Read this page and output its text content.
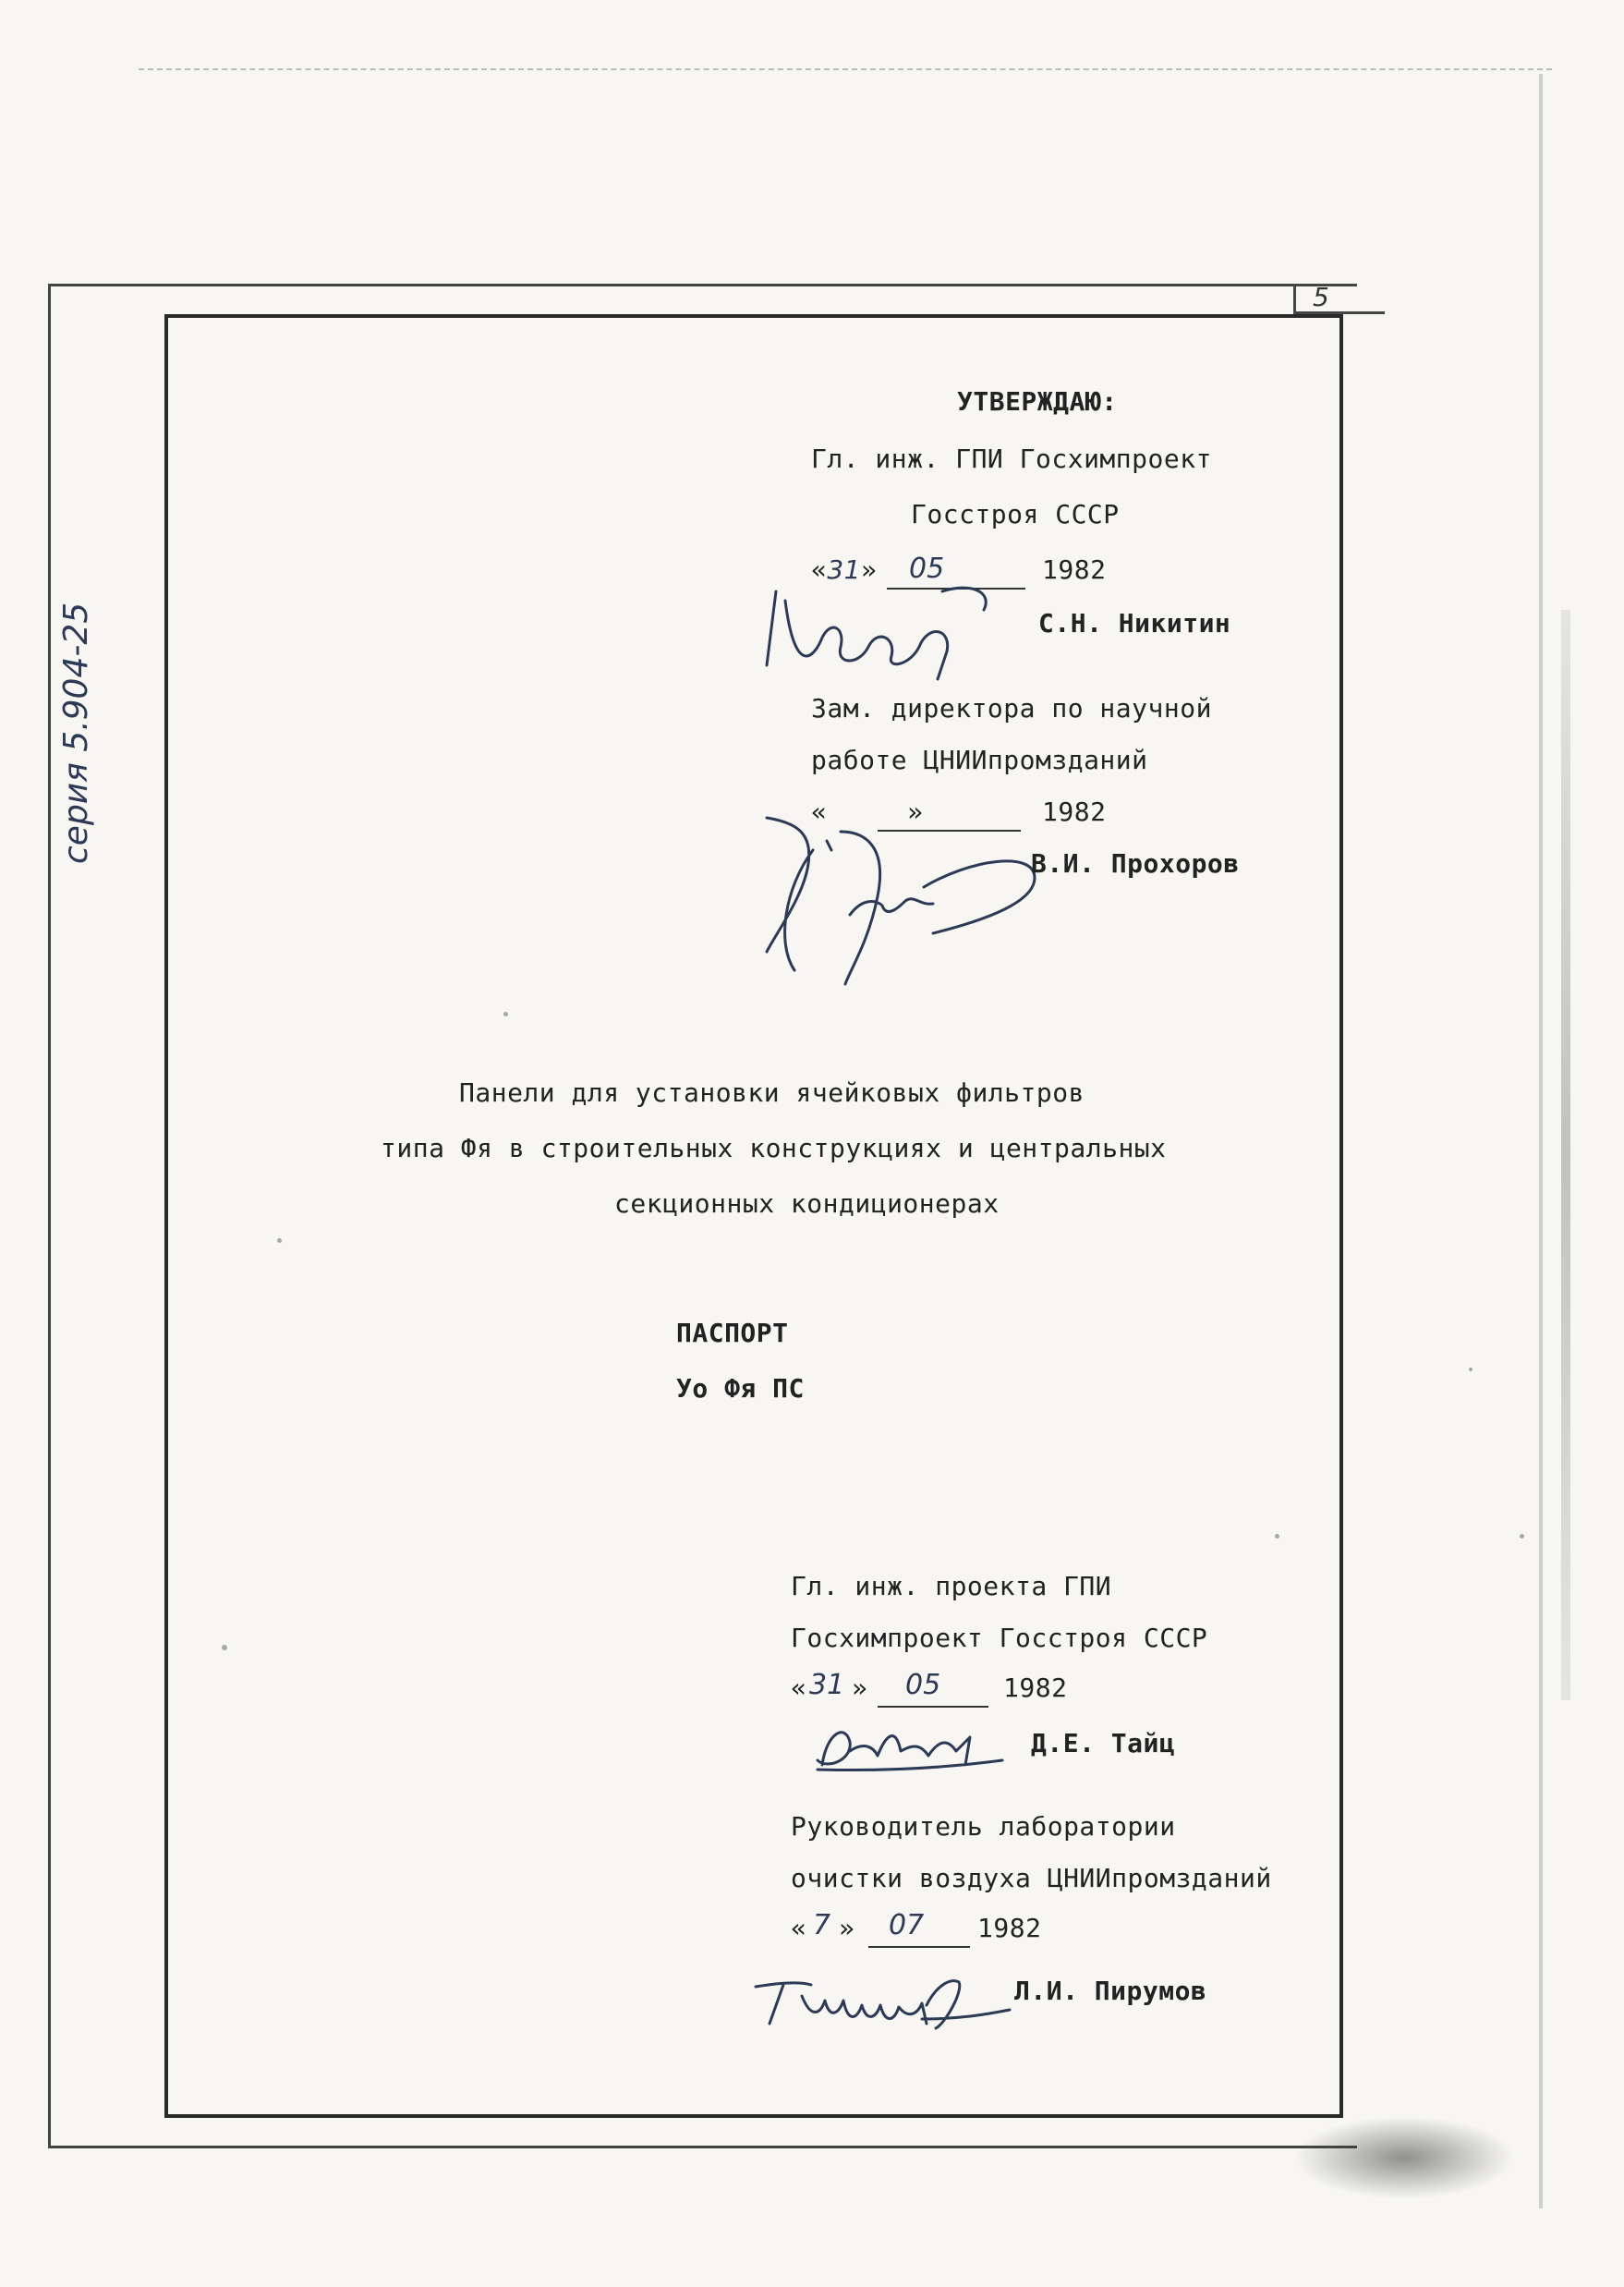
5
серия 5.904-25
УТВЕРЖДАЮ:
Гл. инж. ГПИ Госхимпроект
Госстроя СССР
«31» 05	1982
С.Н. Никитин
Зам. директора по научной
работе ЦНИИпромзданий
«     »	1982
В.И. Прохоров
Панели для установки ячейковых фильтров
типа Фя в строительных конструкциях и центральных
секционных кондиционерах
ПАСПОРТ
Уо Фя ПС
Гл. инж. проекта ГПИ
Госхимпроект Госстроя СССР
« 31 » 05 1982
Д.Е. Тайц
Руководитель лаборатории
очистки воздуха ЦНИИпромзданий
« 7 » 07 1982
Л.И. Пирумов
